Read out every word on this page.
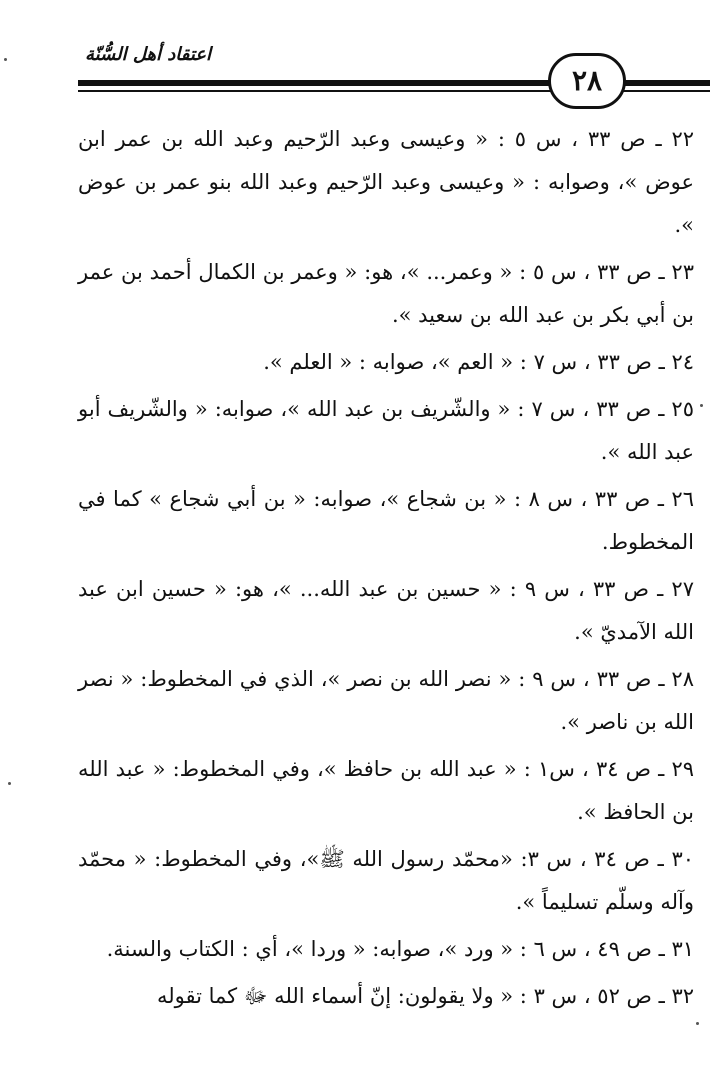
اعتقاد أهل السُّنّة
٢٨

٢٢ ـ ص ٣٣ ، س ٥ : « وعيسى وعبد الرّحيم وعبد الله بن عمر ابن عوض »، وصوابه : « وعيسى وعبد الرّحيم وعبد الله بنو عمر بن عوض ».

٢٣ ـ ص ٣٣ ، س ٥ : « وعمر... »، هو: « وعمر بن الكمال أحمد بن عمر بن أبي بكر بن عبد الله بن سعيد ».

٢٤ ـ ص ٣٣ ، س ٧ : « العم »، صوابه : « العلم ».

٢٥ ـ ص ٣٣ ، س ٧ : « والشّريف بن عبد الله »، صوابه: « والشّريف أبو عبد الله ».

٢٦ ـ ص ٣٣ ، س ٨ : « بن شجاع »، صوابه: « بن أبي شجاع » كما في المخطوط.

٢٧ ـ ص ٣٣ ، س ٩ : « حسين بن عبد الله... »، هو: « حسين ابن عبد الله الآمديّ ».

٢٨ ـ ص ٣٣ ، س ٩ : « نصر الله بن نصر »، الذي في المخطوط: « نصر الله بن ناصر ».

٢٩ ـ ص ٣٤ ، س١ : « عبد الله بن حافظ »، وفي المخطوط: « عبد الله بن الحافظ ».

٣٠ ـ ص ٣٤ ، س ٣: «محمّد رسول الله ﷺ»، وفي المخطوط: « محمّد وآله وسلّم تسليماً ».

٣١ ـ ص ٤٩ ، س ٦ : « ورد »، صوابه: « وردا »، أي : الكتاب والسنة.

٣٢ ـ ص ٥٢ ، س ٣ : « ولا يقولون: إنّ أسماء الله ﷻ كما تقوله
